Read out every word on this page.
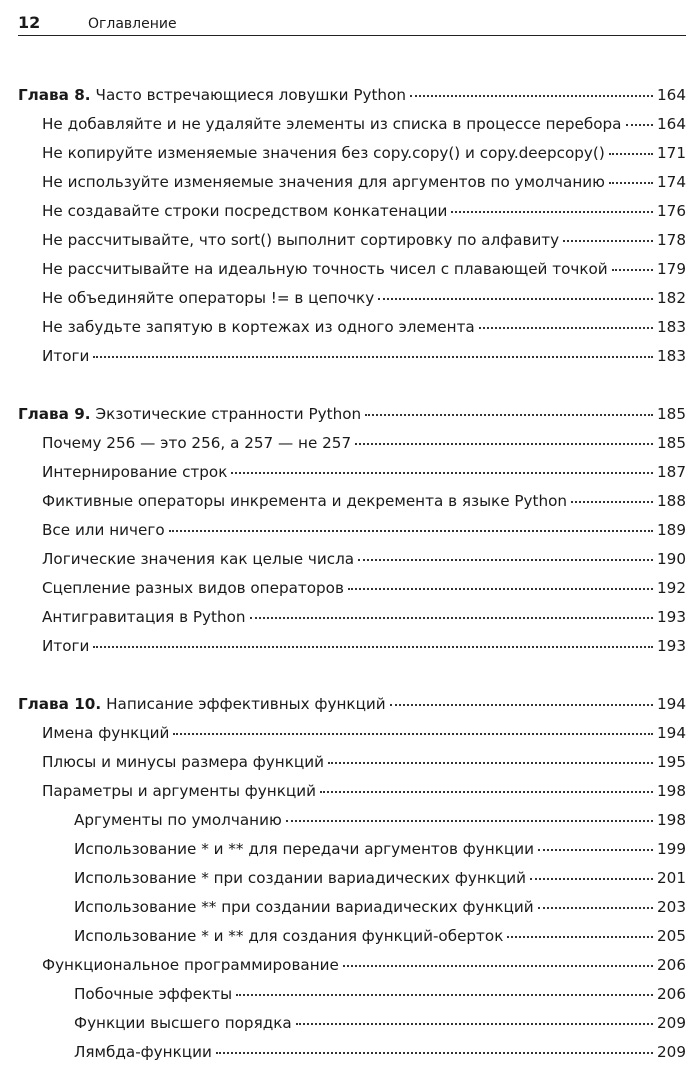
12	Оглавление
Глава 8. Часто встречающиеся ловушки Python	164
Не добавляйте и не удаляйте элементы из списка в процессе перебора 164
Не копируйте изменяемые значения без copy.copy() и copy.deepcopy()	171
Не используйте изменяемые значения для аргументов по умолчанию	174
Не создавайте строки посредством конкатенации	176
Не рассчитывайте, что sort() выполнит сортировку по алфавиту	178
Не рассчитывайте на идеальную точность чисел с плавающей точкой	179
Не объединяйте операторы != в цепочку	182
Не забудьте запятую в кортежах из одного элемента	183
Итоги	183
Глава 9. Экзотические странности Python	185
Почему 256 — это 256, а 257 — не 257	185
Интернирование строк	187
Фиктивные операторы инкремента и декремента в языке Python	188
Все или ничего	189
Логические значения как целые числа	190
Сцепление разных видов операторов	192
Антигравитация в Python	193
Итоги	193
Глава 10. Написание эффективных функций	194
Имена функций	194
Плюсы и минусы размера функций	195
Параметры и аргументы функций	198
Аргументы по умолчанию	198
Использование * и ** для передачи аргументов функции	199
Использование * при создании вариадических функций	201
Использование ** при создании вариадических функций	203
Использование * и ** для создания функций-оберток	205
Функциональное программирование	206
Побочные эффекты	206
Функции высшего порядка	209
Лямбда-функции	209
